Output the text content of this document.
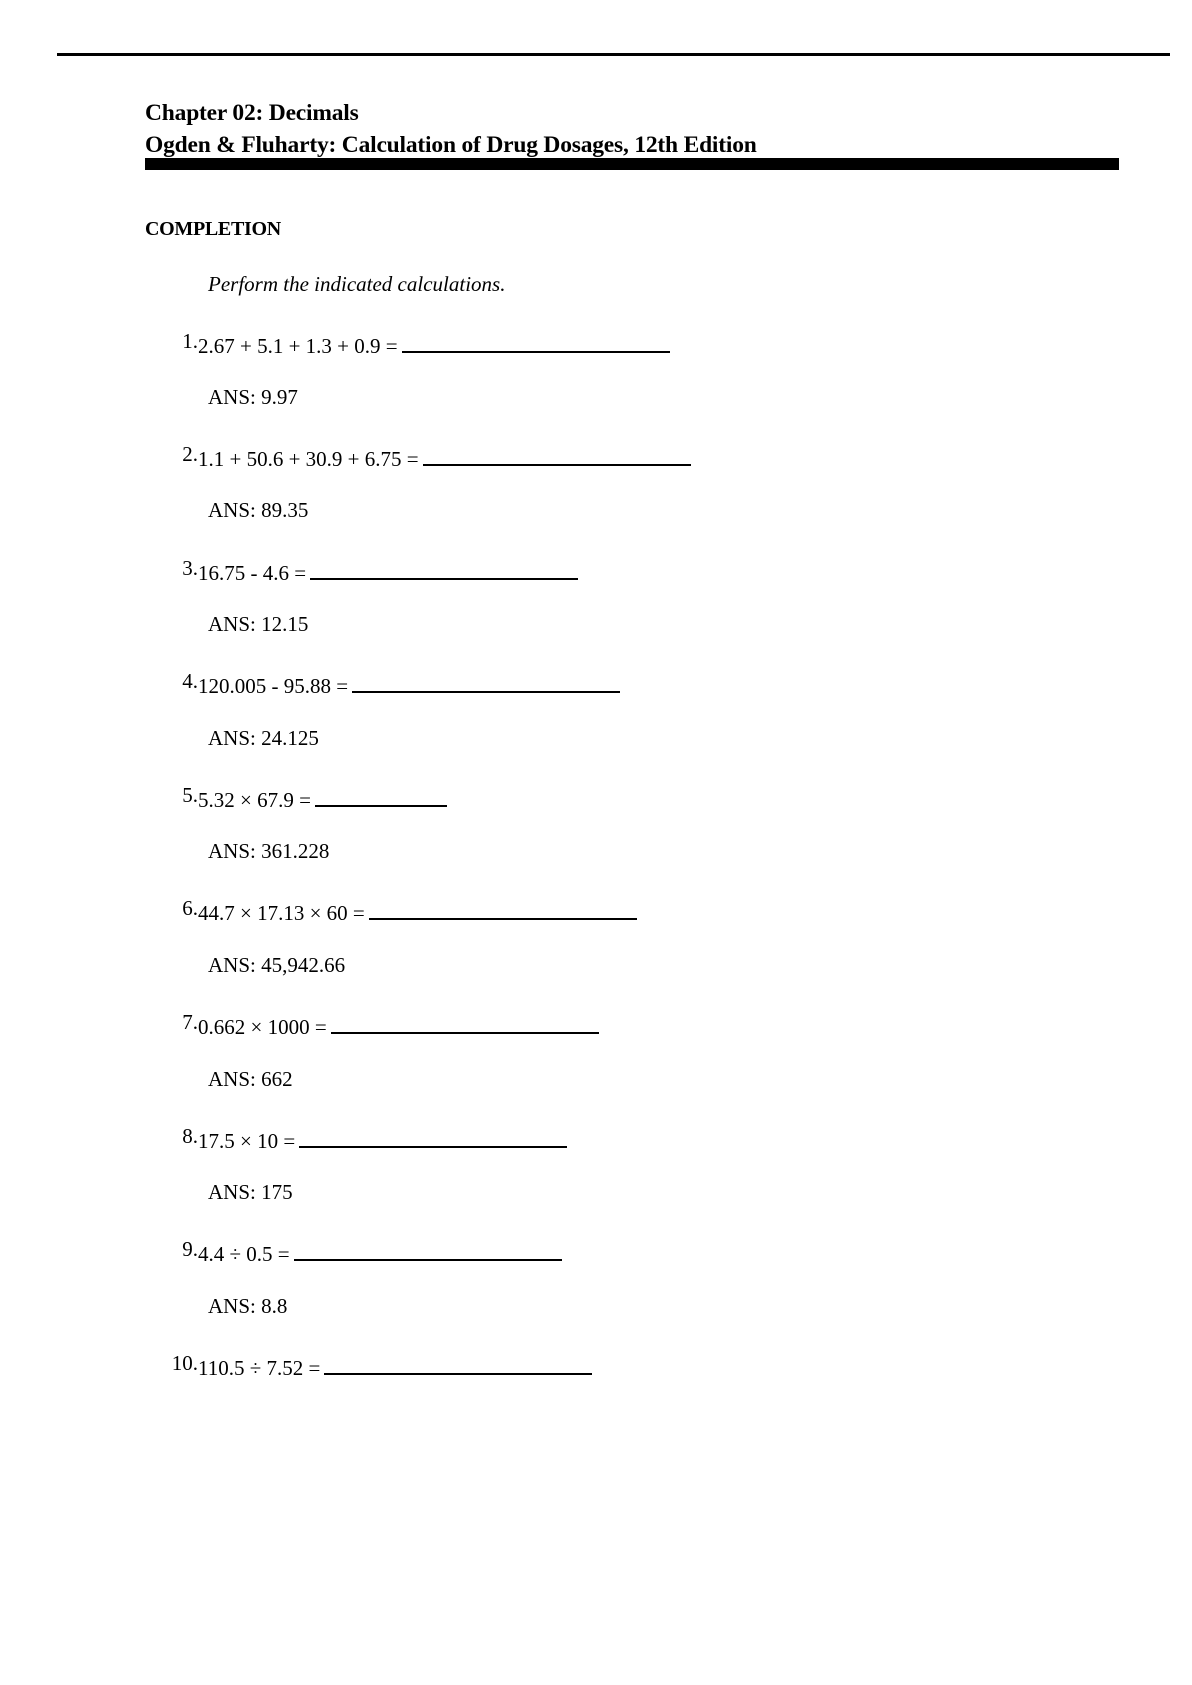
Chapter 02: Decimals
Ogden & Fluharty: Calculation of Drug Dosages, 12th Edition
COMPLETION
Perform the indicated calculations.
1. 2.67 + 5.1 + 1.3 + 0.9 =
ANS: 9.97
2. 1.1 + 50.6 + 30.9 + 6.75 =
ANS: 89.35
3. 16.75 - 4.6 =
ANS: 12.15
4. 120.005 - 95.88 =
ANS: 24.125
5. 5.32 × 67.9 =
ANS: 361.228
6. 44.7 × 17.13 × 60 =
ANS: 45,942.66
7. 0.662 × 1000 =
ANS: 662
8. 17.5 × 10 =
ANS: 175
9. 4.4 ÷ 0.5 =
ANS: 8.8
10. 110.5 ÷ 7.52 =
